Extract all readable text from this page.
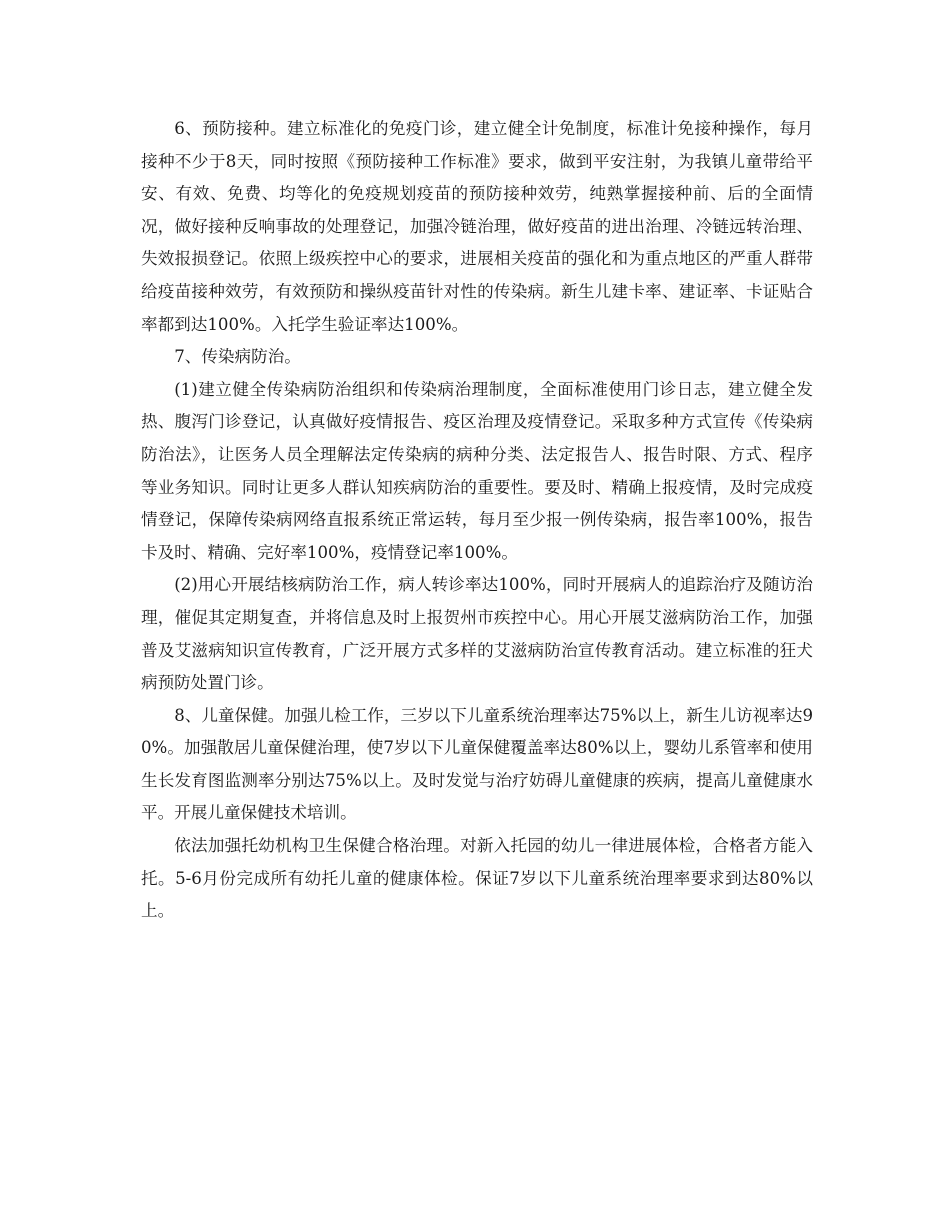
6、预防接种。建立标准化的免疫门诊，建立健全计免制度，标准计免接种操作，每月接种不少于8天，同时按照《预防接种工作标准》要求，做到平安注射，为我镇儿童带给平安、有效、免费、均等化的免疫规划疫苗的预防接种效劳，纯熟掌握接种前、后的全面情况，做好接种反响事故的处理登记，加强冷链治理，做好疫苗的进出治理、冷链远转治理、失效报损登记。依照上级疾控中心的要求，进展相关疫苗的强化和为重点地区的严重人群带给疫苗接种效劳，有效预防和操纵疫苗针对性的传染病。新生儿建卡率、建证率、卡证贴合率都到达100%。入托学生验证率达100%。

7、传染病防治。

(1)建立健全传染病防治组织和传染病治理制度，全面标准使用门诊日志，建立健全发热、腹泻门诊登记，认真做好疫情报告、疫区治理及疫情登记。采取多种方式宣传《传染病防治法》，让医务人员全理解法定传染病的病种分类、法定报告人、报告时限、方式、程序等业务知识。同时让更多人群认知疾病防治的重要性。要及时、精确上报疫情，及时完成疫情登记，保障传染病网络直报系统正常运转，每月至少报一例传染病，报告率100%，报告卡及时、精确、完好率100%，疫情登记率100%。

(2)用心开展结核病防治工作，病人转诊率达100%，同时开展病人的追踪治疗及随访治理，催促其定期复查，并将信息及时上报贺州市疾控中心。用心开展艾滋病防治工作，加强普及艾滋病知识宣传教育，广泛开展方式多样的艾滋病防治宣传教育活动。建立标准的狂犬病预防处置门诊。

8、儿童保健。加强儿检工作，三岁以下儿童系统治理率达75%以上，新生儿访视率达90%。加强散居儿童保健治理，使7岁以下儿童保健覆盖率达80%以上，婴幼儿系管率和使用生长发育图监测率分别达75%以上。及时发觉与治疗妨碍儿童健康的疾病，提高儿童健康水平。开展儿童保健技术培训。

依法加强托幼机构卫生保健合格治理。对新入托园的幼儿一律进展体检，合格者方能入托。5-6月份完成所有幼托儿童的健康体检。保证7岁以下儿童系统治理率要求到达80%以上。
